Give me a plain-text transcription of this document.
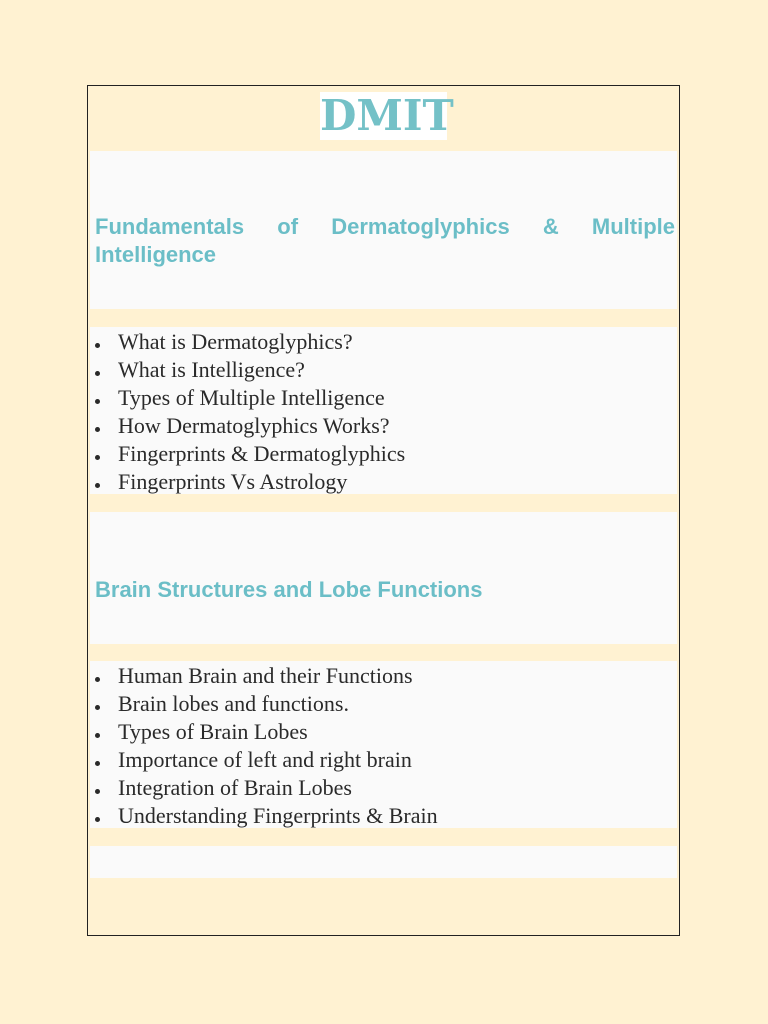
DMIT
Fundamentals of Dermatoglyphics & Multiple Intelligence
What is Dermatoglyphics?
What is Intelligence?
Types of Multiple Intelligence
How Dermatoglyphics Works?
Fingerprints & Dermatoglyphics
Fingerprints Vs Astrology
Brain Structures and Lobe Functions
Human Brain and their Functions
Brain lobes and functions.
Types of Brain Lobes
Importance of left and right brain
Integration of Brain Lobes
Understanding Fingerprints & Brain
